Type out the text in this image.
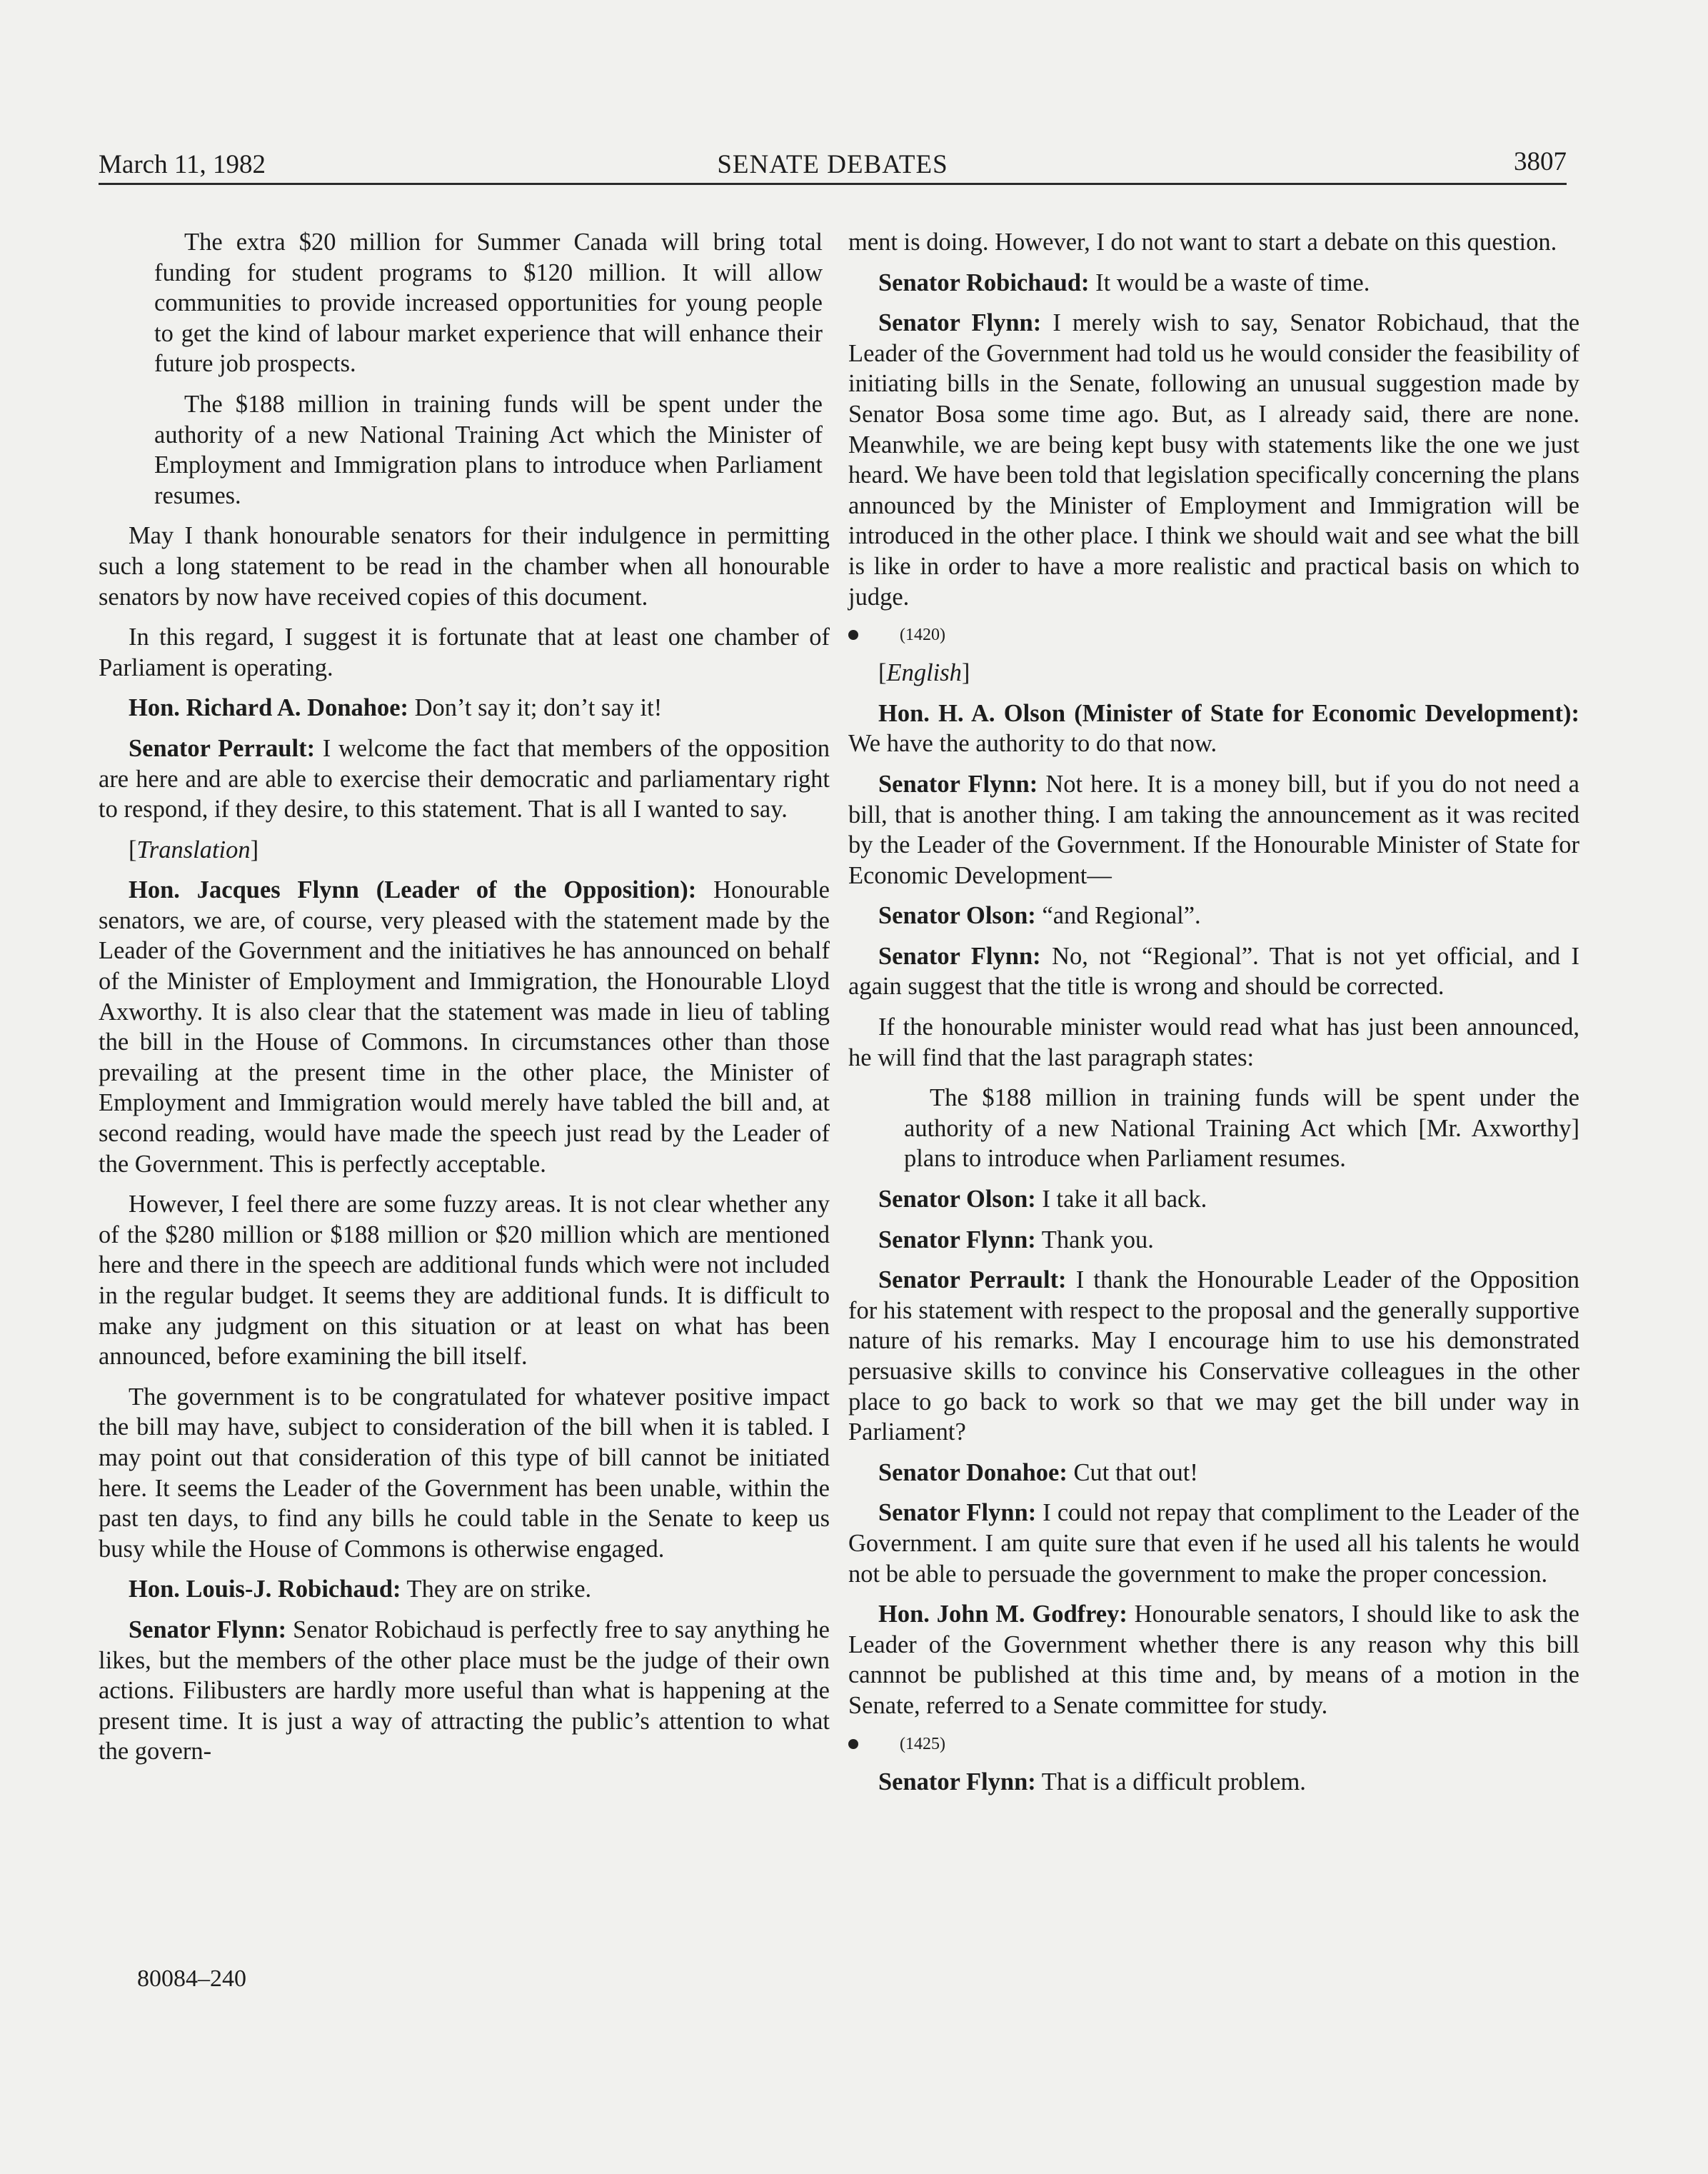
March 11, 1982	SENATE DEBATES	3807

The extra $20 million for Summer Canada will bring total funding for student programs to $120 million. It will allow communities to provide increased opportunities for young people to get the kind of labour market experience that will enhance their future job prospects.

The $188 million in training funds will be spent under the authority of a new National Training Act which the Minister of Employment and Immigration plans to introduce when Parliament resumes.

May I thank honourable senators for their indulgence in permitting such a long statement to be read in the chamber when all honourable senators by now have received copies of this document.

In this regard, I suggest it is fortunate that at least one chamber of Parliament is operating.

Hon. Richard A. Donahoe: Don’t say it; don’t say it!

Senator Perrault: I welcome the fact that members of the opposition are here and are able to exercise their democratic and parliamentary right to respond, if they desire, to this statement. That is all I wanted to say.

[Translation]

Hon. Jacques Flynn (Leader of the Opposition): Honourable senators, we are, of course, very pleased with the statement made by the Leader of the Government and the initiatives he has announced on behalf of the Minister of Employment and Immigration, the Honourable Lloyd Axworthy. It is also clear that the statement was made in lieu of tabling the bill in the House of Commons. In circumstances other than those prevailing at the present time in the other place, the Minister of Employment and Immigration would merely have tabled the bill and, at second reading, would have made the speech just read by the Leader of the Government. This is perfectly acceptable.

However, I feel there are some fuzzy areas. It is not clear whether any of the $280 million or $188 million or $20 million which are mentioned here and there in the speech are additional funds which were not included in the regular budget. It seems they are additional funds. It is difficult to make any judgment on this situation or at least on what has been announced, before examining the bill itself.

The government is to be congratulated for whatever positive impact the bill may have, subject to consideration of the bill when it is tabled. I may point out that consideration of this type of bill cannot be initiated here. It seems the Leader of the Government has been unable, within the past ten days, to find any bills he could table in the Senate to keep us busy while the House of Commons is otherwise engaged.

Hon. Louis-J. Robichaud: They are on strike.

Senator Flynn: Senator Robichaud is perfectly free to say anything he likes, but the members of the other place must be the judge of their own actions. Filibusters are hardly more useful than what is happening at the present time. It is just a way of attracting the public’s attention to what the govern-

ment is doing. However, I do not want to start a debate on this question.

Senator Robichaud: It would be a waste of time.

Senator Flynn: I merely wish to say, Senator Robichaud, that the Leader of the Government had told us he would consider the feasibility of initiating bills in the Senate, following an unusual suggestion made by Senator Bosa some time ago. But, as I already said, there are none. Meanwhile, we are being kept busy with statements like the one we just heard. We have been told that legislation specifically concerning the plans announced by the Minister of Employment and Immigration will be introduced in the other place. I think we should wait and see what the bill is like in order to have a more realistic and practical basis on which to judge.

(1420)

[English]

Hon. H. A. Olson (Minister of State for Economic Development): We have the authority to do that now.

Senator Flynn: Not here. It is a money bill, but if you do not need a bill, that is another thing. I am taking the announcement as it was recited by the Leader of the Government. If the Honourable Minister of State for Economic Development—

Senator Olson: “and Regional”.

Senator Flynn: No, not “Regional”. That is not yet official, and I again suggest that the title is wrong and should be corrected.

If the honourable minister would read what has just been announced, he will find that the last paragraph states:

The $188 million in training funds will be spent under the authority of a new National Training Act which [Mr. Axworthy] plans to introduce when Parliament resumes.

Senator Olson: I take it all back.

Senator Flynn: Thank you.

Senator Perrault: I thank the Honourable Leader of the Opposition for his statement with respect to the proposal and the generally supportive nature of his remarks. May I encourage him to use his demonstrated persuasive skills to convince his Conservative colleagues in the other place to go back to work so that we may get the bill under way in Parliament?

Senator Donahoe: Cut that out!

Senator Flynn: I could not repay that compliment to the Leader of the Government. I am quite sure that even if he used all his talents he would not be able to persuade the government to make the proper concession.

Hon. John M. Godfrey: Honourable senators, I should like to ask the Leader of the Government whether there is any reason why this bill cannnot be published at this time and, by means of a motion in the Senate, referred to a Senate committee for study.

(1425)

Senator Flynn: That is a difficult problem.

80084–240
